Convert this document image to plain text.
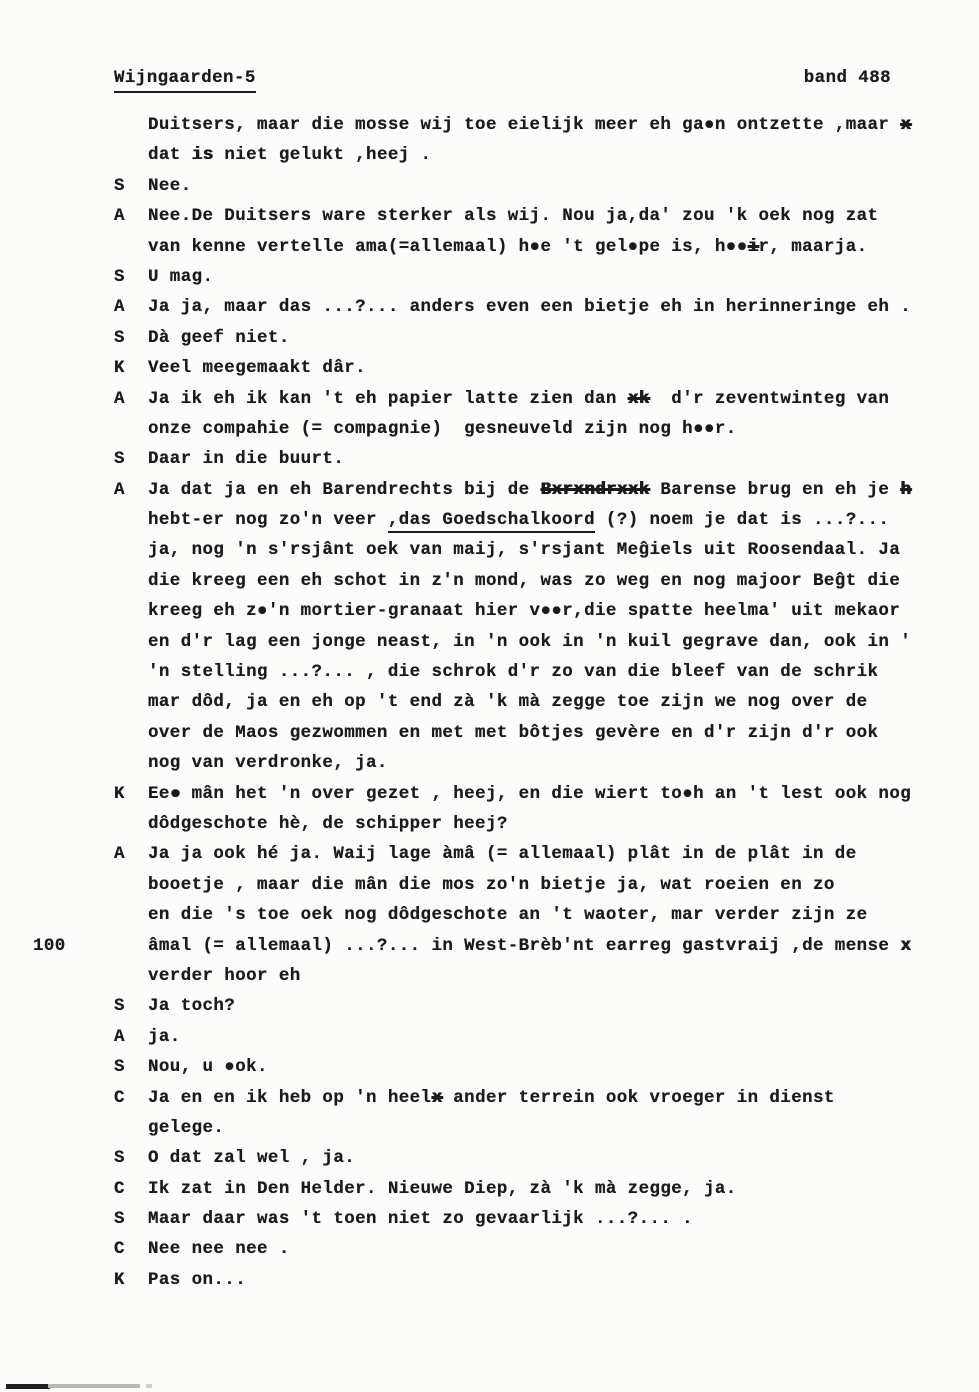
Wijngaarden-5	band 488
Duitsers, maar die mosse wij toe eielijk meer eh ga●n ontzette ,maar x
dat is niet gelukt ,heej .
S	Nee.
A	Nee.De Duitsers ware sterker als wij. Nou ja,da' zou 'k oek nog zat
van kenne vertelle ama(=allemaal) h●e 't gel●pe is, h●●ir, maarja.
S	U mag.
A	Ja ja, maar das ...?... anders even een bietje eh in herinneringe eh .
S	Dà geef niet.
K	Veel meegemaakt dâr.
A	Ja ik eh ik kan 't eh papier latte zien dan xk  d'r zeventwinteg van
onze compahie (= compagnie)  gesneuveld zijn nog h●●r.
S	Daar in die buurt.
A	Ja dat ja en eh Barendrechts bij de Bxrxndrxxk Barense brug en eh je h
hebt-er nog zo'n veer ,das Goedschalkoord (?) noem je dat is ...?...
ja, nog 'n s'rsjânt oek van maij, s'rsjant Meĝiels uit Roosendaal. Ja
die kreeg een eh schot in z'n mond, was zo weg en nog majoor Beĝt die
kreeg eh z●'n mortier-granaat hier v●●r,die spatte heelma' uit mekaor
en d'r lag een jonge neast, in 'n ook in 'n kuil gegrave dan, ook in '
'n stelling ...?... , die schrok d'r zo van die bleef van de schrik
mar dôd, ja en eh op 't end zà 'k mà zegge toe zijn we nog over de
over de Maos gezwommen en met met bôtjes gevère en d'r zijn d'r ook
nog van verdronke, ja.
K	Ee● mân het 'n over gezet , heej, en die wiert to●h an 't lest ook nog
dôdgeschote hè, de schipper heej?
A	Ja ja ook hé ja. Waij lage àmâ (= allemaal) plât in de plât in de
booetje , maar die mân die mos zo'n bietje ja, wat roeien en zo
en die 's toe oek nog dôdgeschote an 't waoter, mar verder zijn ze
100	âmal (= allemaal) ...?... in West-Brèb'nt earreg gastvraij ,de mense x
verder hoor eh
S	Ja toch?
A	ja.
S	Nou, u ●ok.
C	Ja en en ik heb op 'n heelx ander terrein ook vroeger in dienst
gelege.
S	O dat zal wel , ja.
C	Ik zat in Den Helder. Nieuwe Diep, zà 'k mà zegge, ja.
S	Maar daar was 't toen niet zo gevaarlijk ...?... .
C	Nee nee nee .
K	Pas on...
